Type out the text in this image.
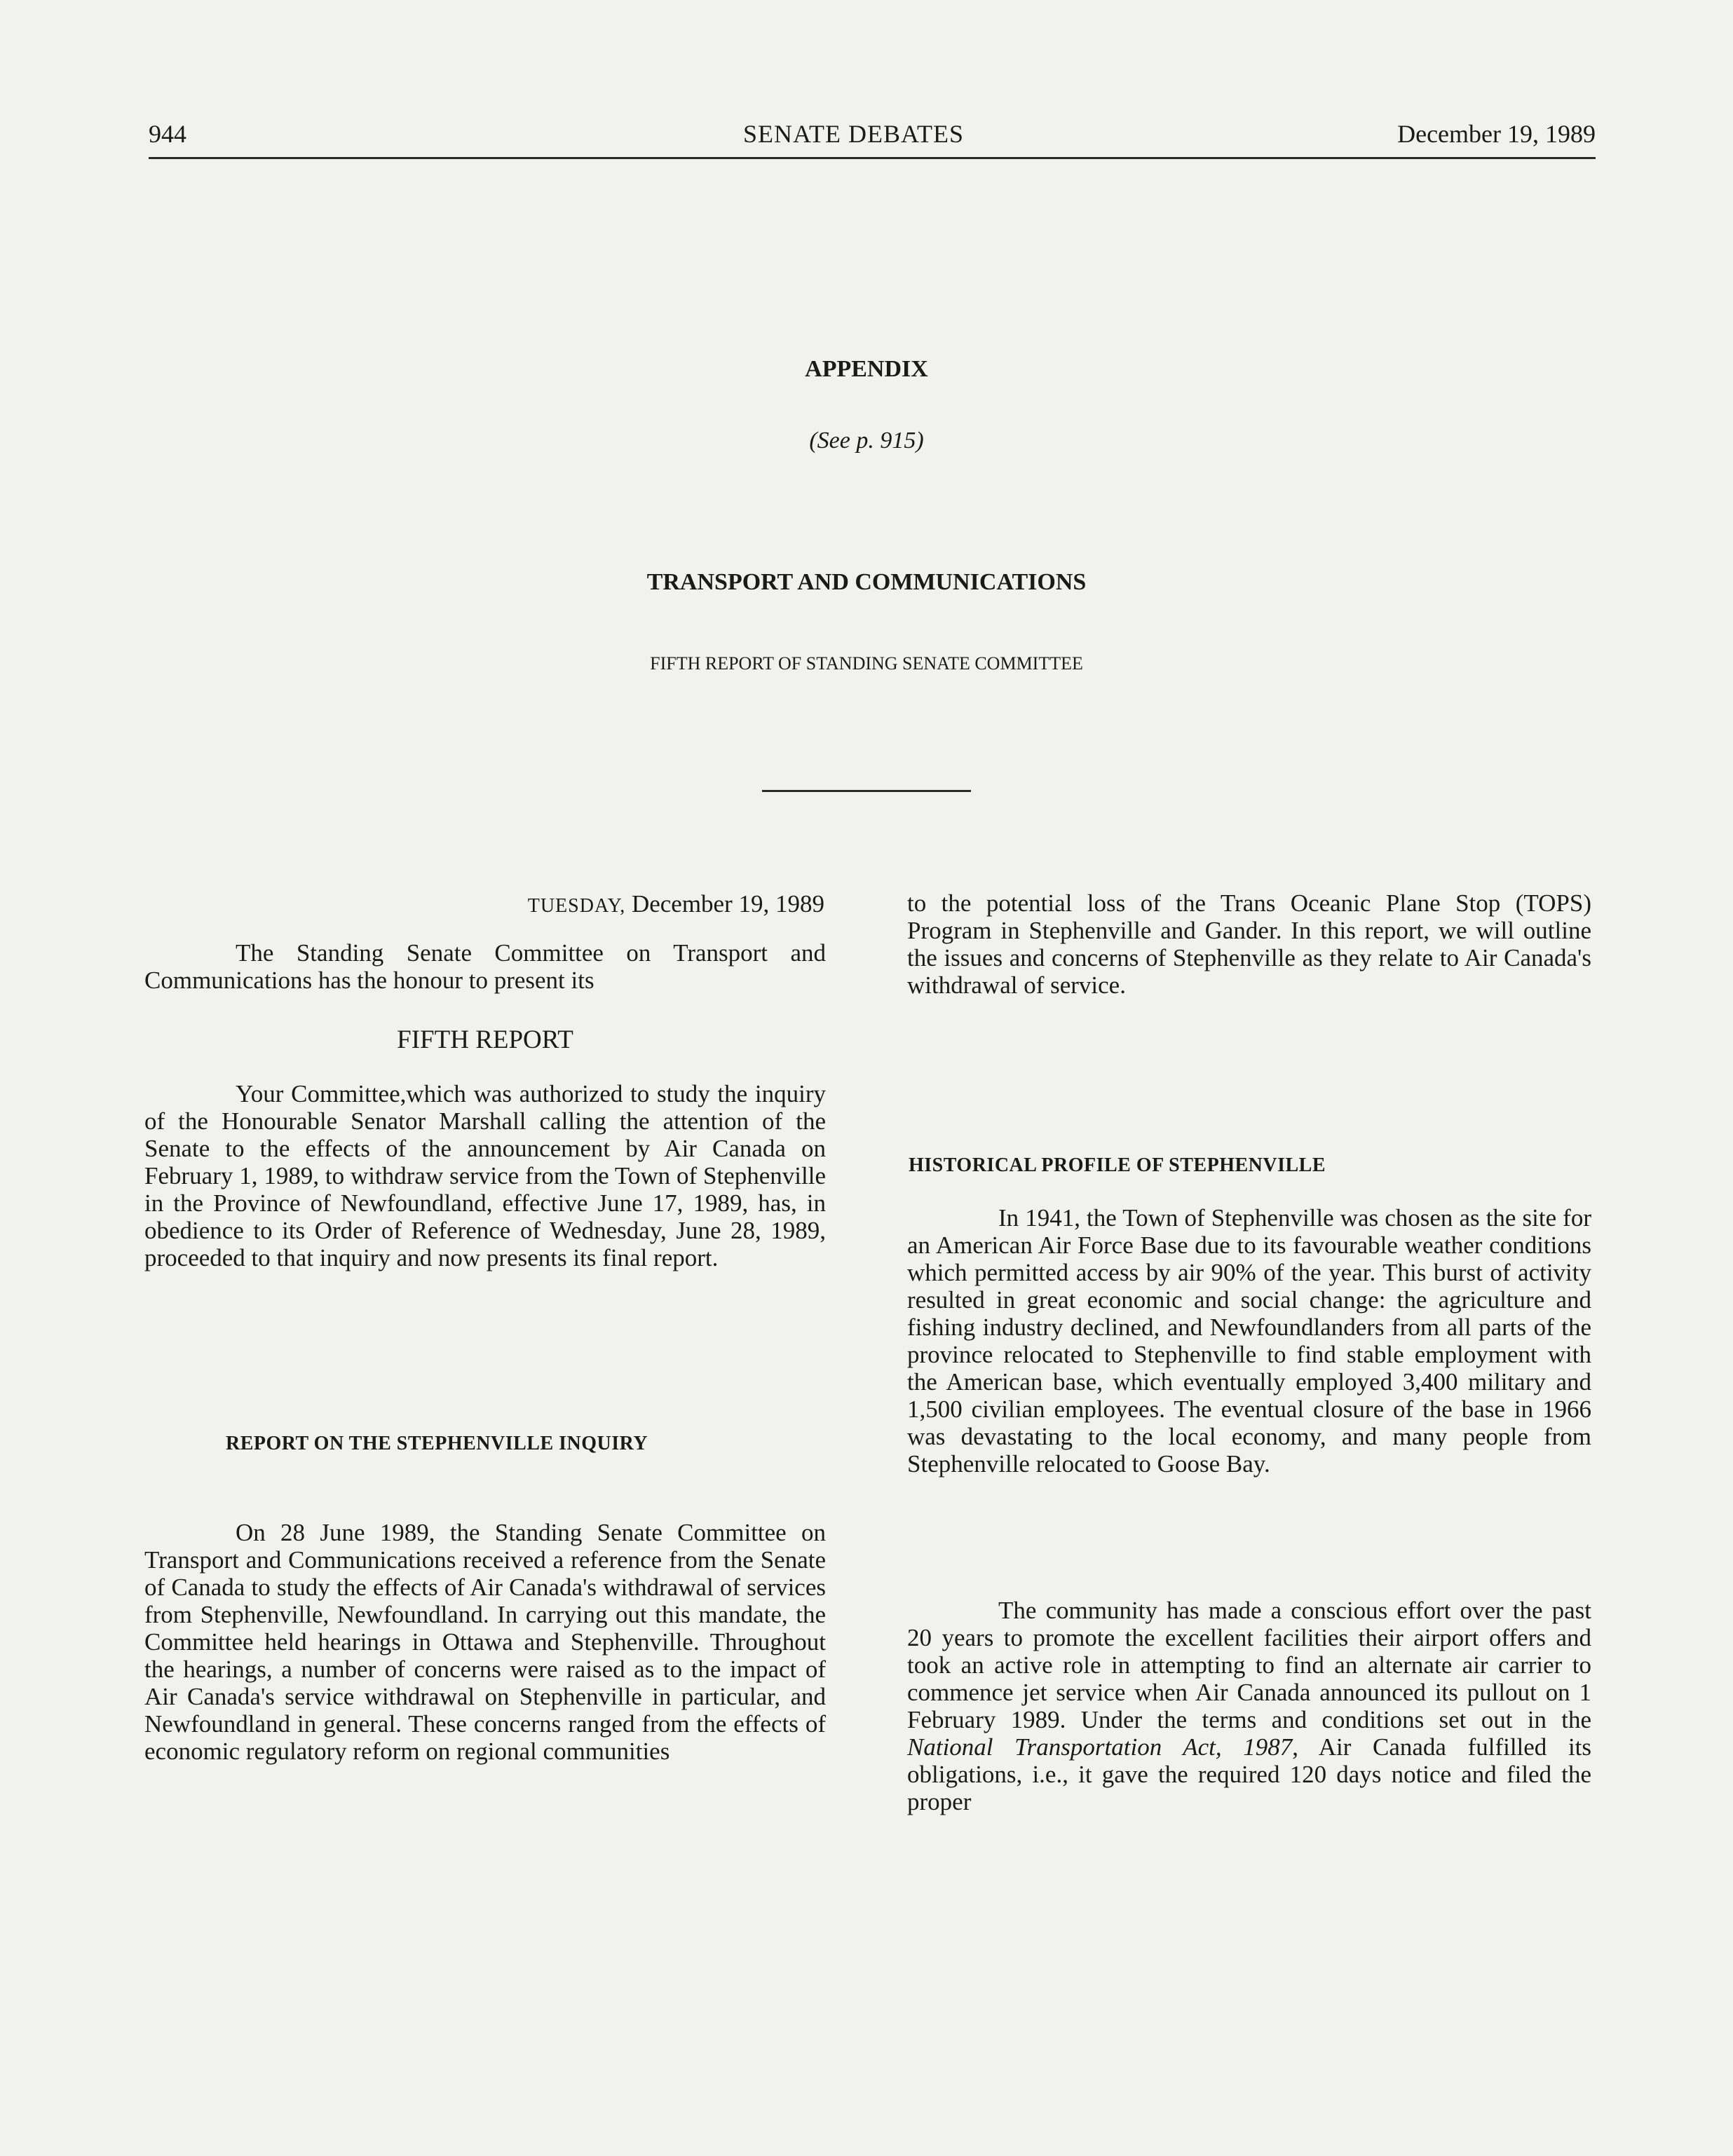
944	SENATE DEBATES	December 19, 1989
APPENDIX
(See p. 915)
TRANSPORT AND COMMUNICATIONS
FIFTH REPORT OF STANDING SENATE COMMITTEE
TUESDAY, December 19, 1989

The Standing Senate Committee on Transport and Communications has the honour to present its

FIFTH REPORT

Your Committee,which was authorized to study the inquiry of the Honourable Senator Marshall calling the attention of the Senate to the effects of the announcement by Air Canada on February 1, 1989, to withdraw service from the Town of Stephenville in the Province of Newfoundland, effective June 17, 1989, has, in obedience to its Order of Reference of Wednesday, June 28, 1989, proceeded to that inquiry and now presents its final report.

REPORT ON THE STEPHENVILLE INQUIRY

On 28 June 1989, the Standing Senate Committee on Transport and Communications received a reference from the Senate of Canada to study the effects of Air Canada's withdrawal of services from Stephenville, Newfoundland. In carrying out this mandate, the Committee held hearings in Ottawa and Stephenville. Throughout the hearings, a number of concerns were raised as to the impact of Air Canada's service withdrawal on Stephenville in particular, and Newfoundland in general. These concerns ranged from the effects of economic regulatory reform on regional communities

to the potential loss of the Trans Oceanic Plane Stop (TOPS) Program in Stephenville and Gander. In this report, we will outline the issues and concerns of Stephenville as they relate to Air Canada's withdrawal of service.

HISTORICAL PROFILE OF STEPHENVILLE

In 1941, the Town of Stephenville was chosen as the site for an American Air Force Base due to its favourable weather conditions which permitted access by air 90% of the year. This burst of activity resulted in great economic and social change: the agriculture and fishing industry declined, and Newfoundlanders from all parts of the province relocated to Stephenville to find stable employment with the American base, which eventually employed 3,400 military and 1,500 civilian employees. The eventual closure of the base in 1966 was devastating to the local economy, and many people from Stephenville relocated to Goose Bay.

The community has made a conscious effort over the past 20 years to promote the excellent facilities their airport offers and took an active role in attempting to find an alternate air carrier to commence jet service when Air Canada announced its pullout on 1 February 1989. Under the terms and conditions set out in the National Transportation Act, 1987, Air Canada fulfilled its obligations, i.e., it gave the required 120 days notice and filed the proper
